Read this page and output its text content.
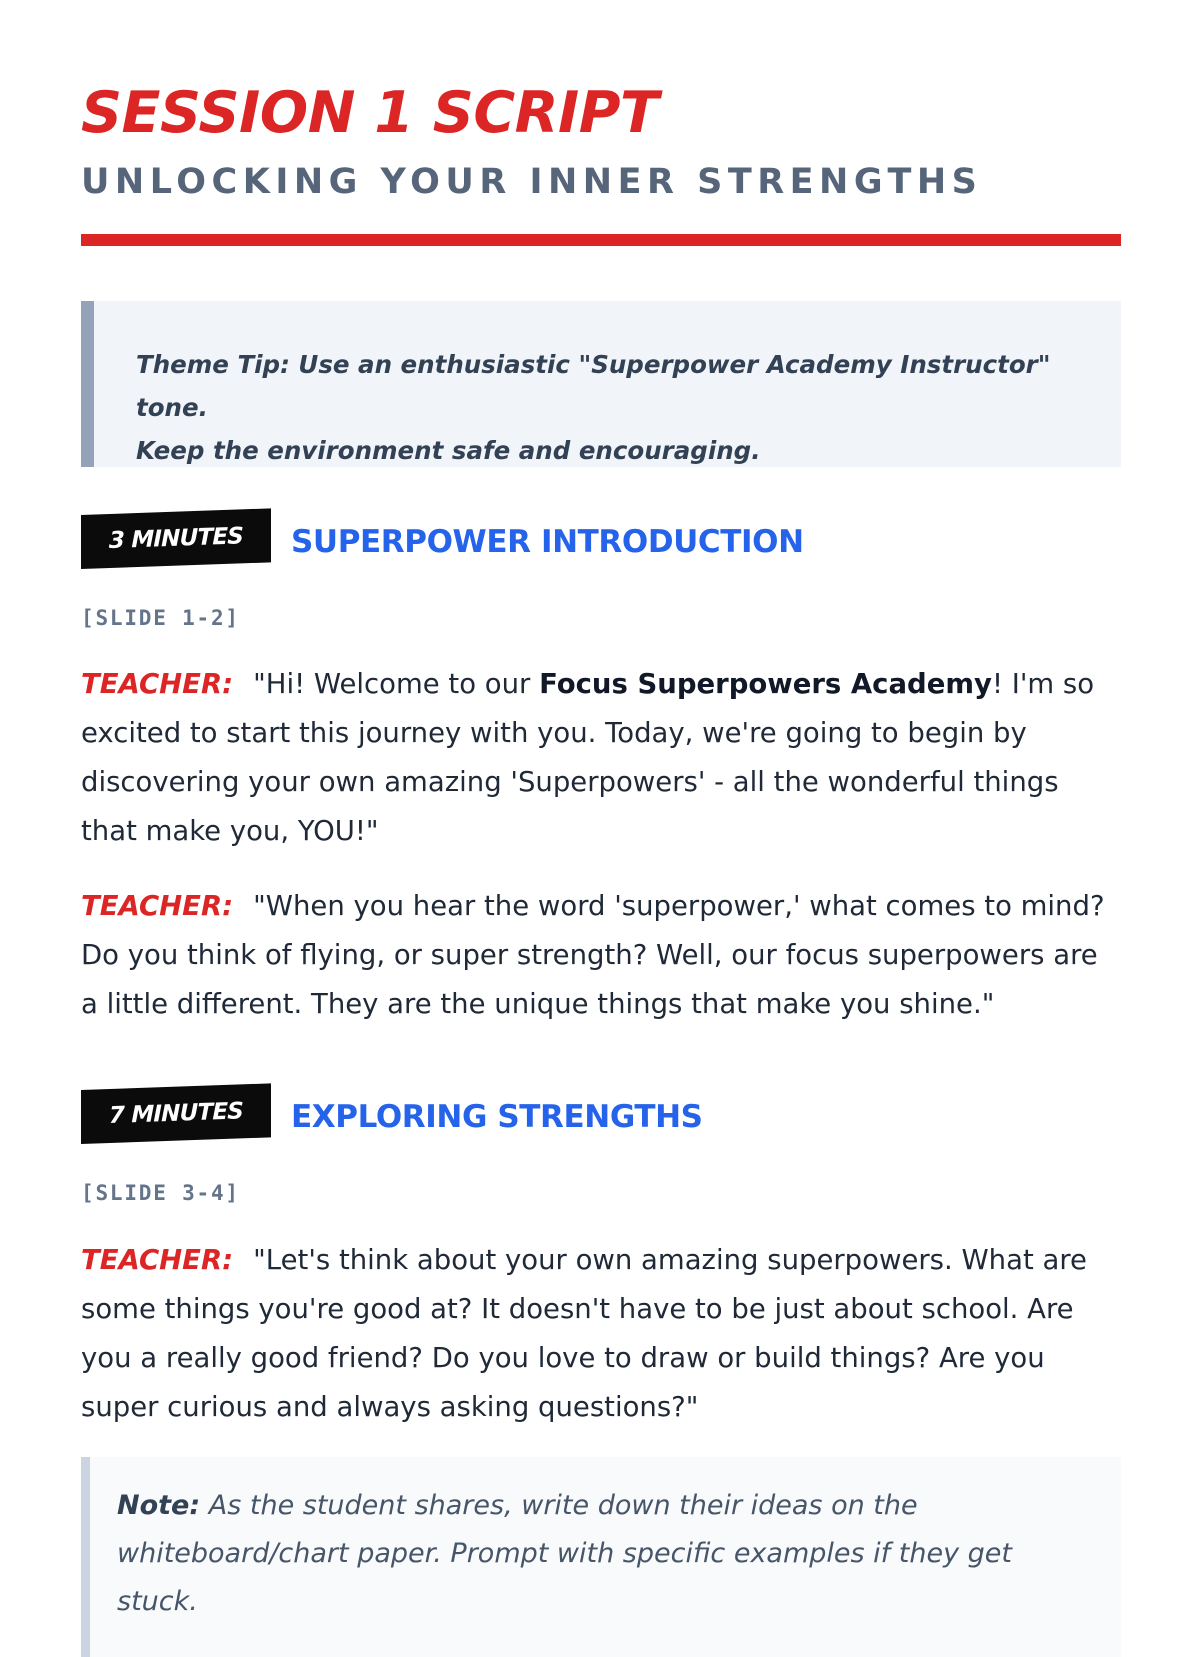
SESSION 1 SCRIPT
UNLOCKING YOUR INNER STRENGTHS

Theme Tip: Use an enthusiastic "Superpower Academy Instructor" tone.
Keep the environment safe and encouraging.

3 MINUTES	SUPERPOWER INTRODUCTION

[SLIDE 1-2]

TEACHER: "Hi! Welcome to our Focus Superpowers Academy! I'm so excited to start this journey with you. Today, we're going to begin by discovering your own amazing 'Superpowers' - all the wonderful things that make you, YOU!"

TEACHER: "When you hear the word 'superpower,' what comes to mind? Do you think of flying, or super strength? Well, our focus superpowers are a little different. They are the unique things that make you shine."

7 MINUTES	EXPLORING STRENGTHS

[SLIDE 3-4]

TEACHER: "Let's think about your own amazing superpowers. What are some things you're good at? It doesn't have to be just about school. Are you a really good friend? Do you love to draw or build things? Are you super curious and always asking questions?"

Note: As the student shares, write down their ideas on the whiteboard/chart paper. Prompt with specific examples if they get stuck.
